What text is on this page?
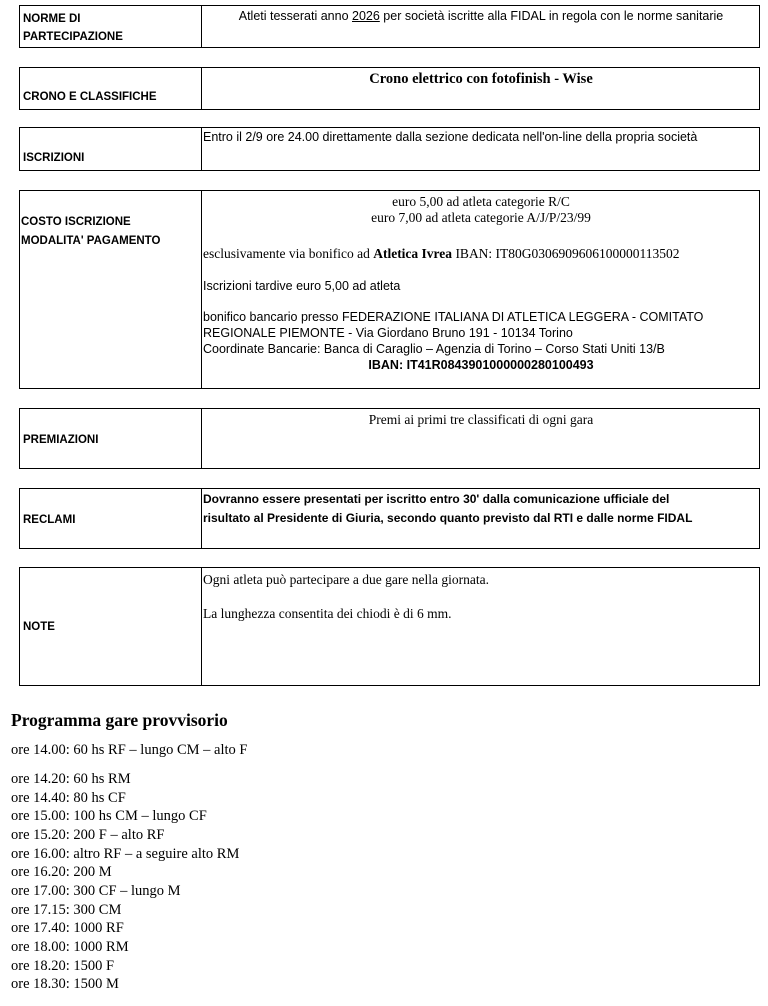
NORME DI
PARTECIPAZIONE
Atleti tesserati anno 2026 per società iscritte alla FIDAL in regola con le norme sanitarie
CRONO E CLASSIFICHE
Crono elettrico con fotofinish - Wise
ISCRIZIONI
Entro il 2/9 ore 24.00 direttamente dalla sezione dedicata nell'on-line della propria società
COSTO ISCRIZIONE
MODALITA' PAGAMENTO
euro 5,00 ad atleta categorie R/C
euro 7,00 ad atleta categorie A/J/P/23/99
esclusivamente via bonifico ad Atletica Ivrea IBAN: IT80G0306909606100000113502
Iscrizioni tardive euro 5,00 ad atleta
bonifico bancario presso FEDERAZIONE ITALIANA DI ATLETICA LEGGERA - COMITATO
REGIONALE PIEMONTE - Via Giordano Bruno 191 - 10134 Torino
Coordinate Bancarie: Banca di Caraglio – Agenzia di Torino – Corso Stati Uniti 13/B
IBAN: IT41R0843901000000280100493
PREMIAZIONI
Premi ai primi tre classificati di ogni gara
RECLAMI
Dovranno essere presentati per iscritto entro 30' dalla comunicazione ufficiale del
risultato al Presidente di Giuria, secondo quanto previsto dal RTI e dalle norme FIDAL
NOTE
Ogni atleta può partecipare a due gare nella giornata.
La lunghezza consentita dei chiodi è di 6 mm.
Programma gare provvisorio
ore 14.00: 60 hs RF – lungo CM – alto F
ore 14.20: 60 hs RM
ore 14.40: 80 hs CF
ore 15.00: 100 hs CM – lungo CF
ore 15.20: 200 F – alto RF
ore 16.00: altro RF – a seguire alto RM
ore 16.20: 200 M
ore 17.00: 300 CF – lungo M
ore 17.15: 300 CM
ore 17.40: 1000 RF
ore 18.00: 1000 RM
ore 18.20: 1500 F
ore 18.30: 1500 M
